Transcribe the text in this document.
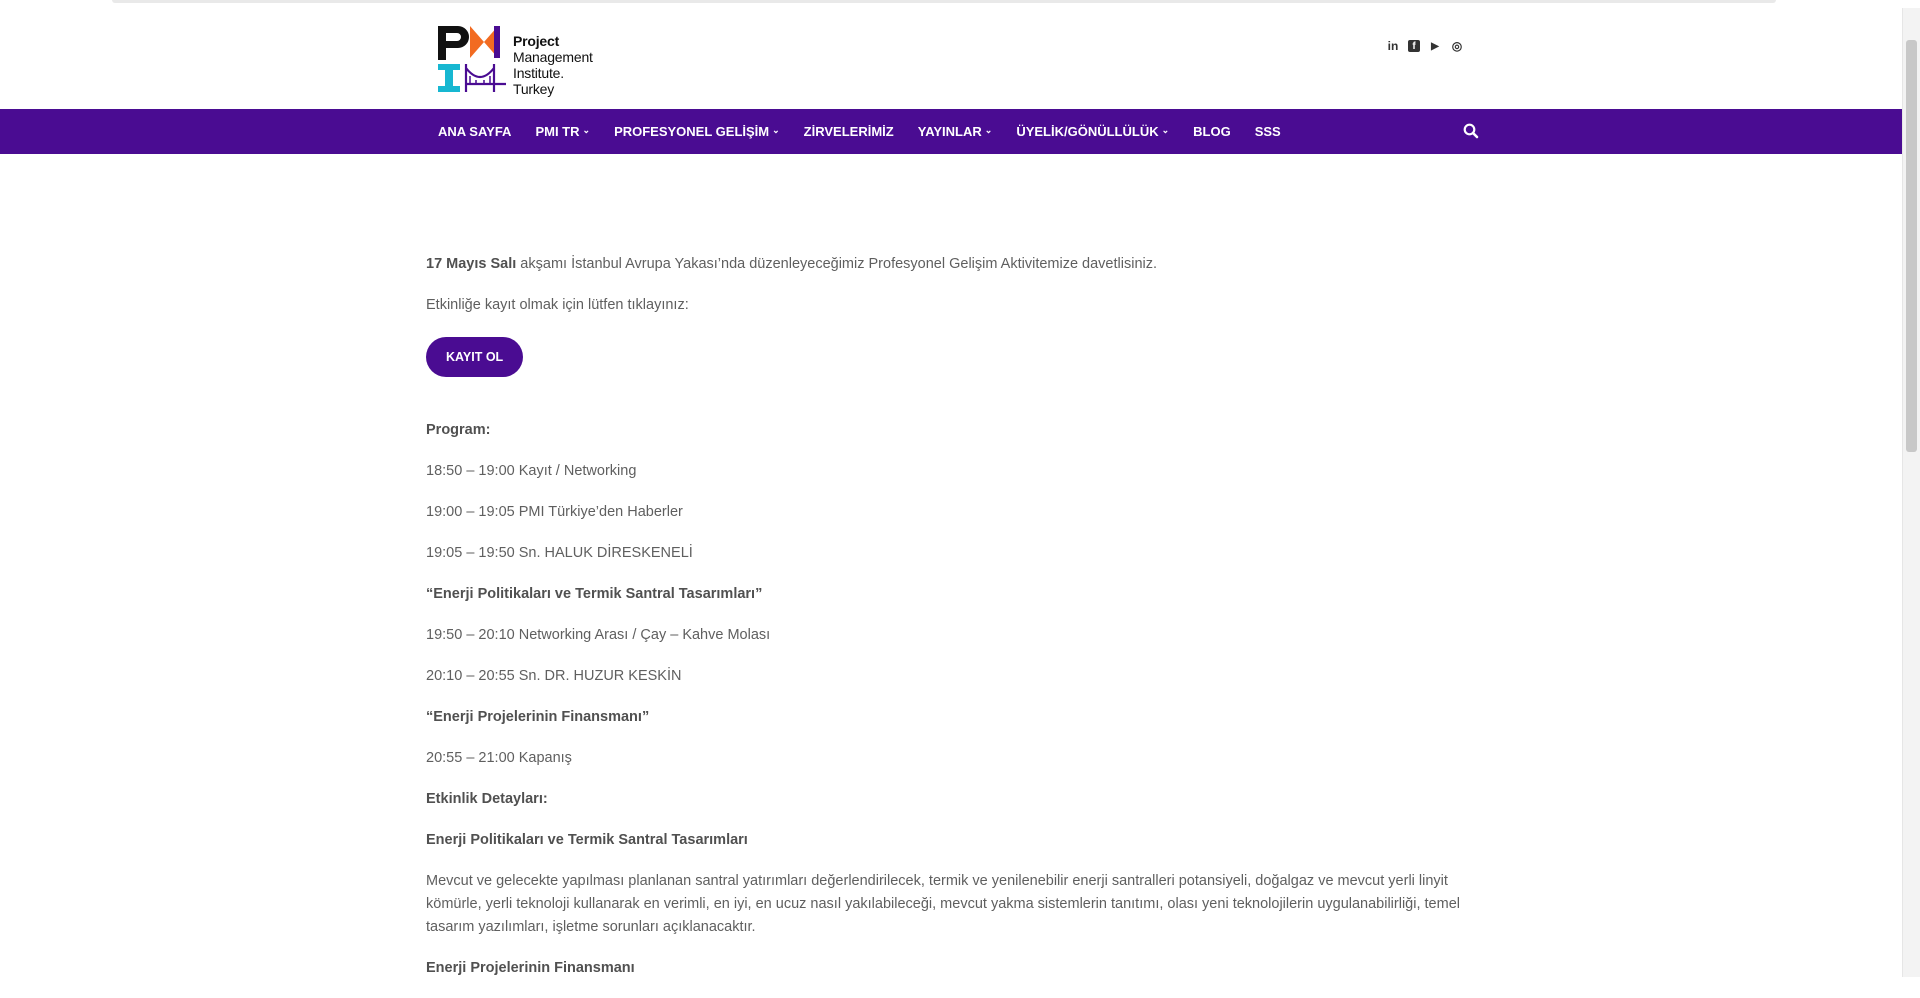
Project
Management
Institute.
Turkey
in	f	▶ ◎
ANA SAYFA PMI TR ⌄ PROFESYONEL GELİŞİM ⌄ ZİRVELERİMİZ YAYINLAR ⌄ ÜYELİK/GÖNÜLLÜLÜK ⌄ BLOG SSS

17 Mayıs Salı akşamı İstanbul Avrupa Yakası’nda düzenleyeceğimiz Profesyonel Gelişim Aktivitemize davetlisiniz.

Etkinliğe kayıt olmak için lütfen tıklayınız:

KAYIT OL

Program:

18:50 – 19:00 Kayıt / Networking

19:00 – 19:05 PMI Türkiye’den Haberler

19:05 – 19:50 Sn. HALUK DİRESKENELİ

“Enerji Politikaları ve Termik Santral Tasarımları”

19:50 – 20:10 Networking Arası / Çay – Kahve Molası

20:10 – 20:55 Sn. DR. HUZUR KESKİN

“Enerji Projelerinin Finansmanı”

20:55 – 21:00 Kapanış

Etkinlik Detayları:

Enerji Politikaları ve Termik Santral Tasarımları

Mevcut ve gelecekte yapılması planlanan santral yatırımları değerlendirilecek, termik ve yenilenebilir enerji santralleri potansiyeli, doğalgaz ve mevcut yerli linyit kömürle, yerli teknoloji kullanarak en verimli, en iyi, en ucuz nasıl yakılabileceği, mevcut yakma sistemlerin tanıtımı, olası yeni teknolojilerin uygulanabilirliği, temel tasarım yazılımları, işletme sorunları açıklanacaktır.

Enerji Projelerinin Finansmanı
